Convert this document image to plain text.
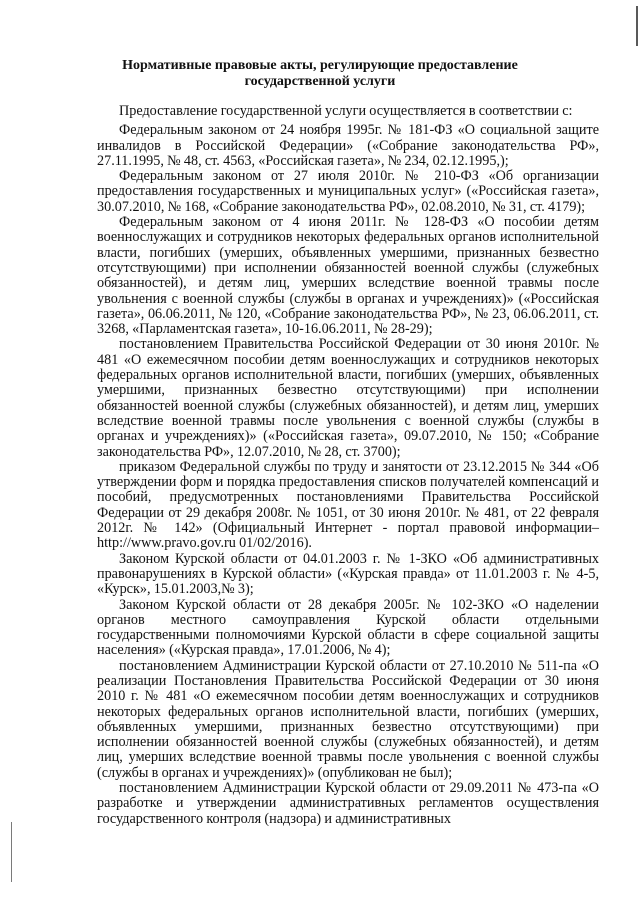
Нормативные правовые акты, регулирующие предоставление
государственной услуги

Предоставление государственной услуги осуществляется в соответствии с:

Федеральным законом от 24 ноября 1995г. № 181-ФЗ «О социальной защите инвалидов в Российской Федерации» («Собрание законодательства РФ», 27.11.1995, № 48, ст. 4563, «Российская газета», № 234, 02.12.1995,);

Федеральным законом от 27 июля 2010г. № 210-ФЗ «Об организации предоставления государственных и муниципальных услуг» («Российская газета», 30.07.2010, № 168, «Собрание законодательства РФ», 02.08.2010, № 31, ст. 4179);

Федеральным законом от 4 июня 2011г. № 128-ФЗ «О пособии детям военнослужащих и сотрудников некоторых федеральных органов исполнительной власти, погибших (умерших, объявленных умершими, признанных безвестно отсутствующими) при исполнении обязанностей военной службы (служебных обязанностей), и детям лиц, умерших вследствие военной травмы после увольнения с военной службы (службы в органах и учреждениях)» («Российская газета», 06.06.2011, № 120, «Собрание законодательства РФ», № 23, 06.06.2011, ст. 3268, «Парламентская газета», 10-16.06.2011, № 28-29);

постановлением Правительства Российской Федерации от 30 июня 2010г. № 481 «О ежемесячном пособии детям военнослужащих и сотрудников некоторых федеральных органов исполнительной власти, погибших (умерших, объявленных умершими, признанных безвестно отсутствующими) при исполнении обязанностей военной службы (служебных обязанностей), и детям лиц, умерших вследствие военной травмы после увольнения с военной службы (службы в органах и учреждениях)» («Российская газета», 09.07.2010, № 150; «Собрание законодательства РФ», 12.07.2010, № 28, ст. 3700);

приказом Федеральной службы по труду и занятости от 23.12.2015 № 344 «Об утверждении форм и порядка предоставления списков получателей компенсаций и пособий, предусмотренных постановлениями Правительства Российской Федерации от 29 декабря 2008г. № 1051, от 30 июня 2010г. № 481, от 22 февраля 2012г. № 142» (Официальный Интернет - портал правовой информации–http://www.pravo.gov.ru 01/02/2016).

Законом Курской области от 04.01.2003 г. № 1-ЗКО «Об административных правонарушениях в Курской области» («Курская правда» от 11.01.2003 г. № 4-5, «Курск», 15.01.2003,№ 3);

Законом Курской области от 28 декабря 2005г. № 102-ЗКО «О наделении органов местного самоуправления Курской области отдельными государственными полномочиями Курской области в сфере социальной защиты населения» («Курская правда», 17.01.2006, № 4);

постановлением Администрации Курской области от 27.10.2010 № 511-па «О реализации Постановления Правительства Российской Федерации от 30 июня 2010 г. № 481 «О ежемесячном пособии детям военнослужащих и сотрудников некоторых федеральных органов исполнительной власти, погибших (умерших, объявленных умершими, признанных безвестно отсутствующими) при исполнении обязанностей военной службы (служебных обязанностей), и детям лиц, умерших вследствие военной травмы после увольнения с военной службы (службы в органах и учреждениях)» (опубликован не был);

постановлением Администрации Курской области от 29.09.2011 № 473-па «О разработке и утверждении административных регламентов осуществления государственного контроля (надзора) и административных
